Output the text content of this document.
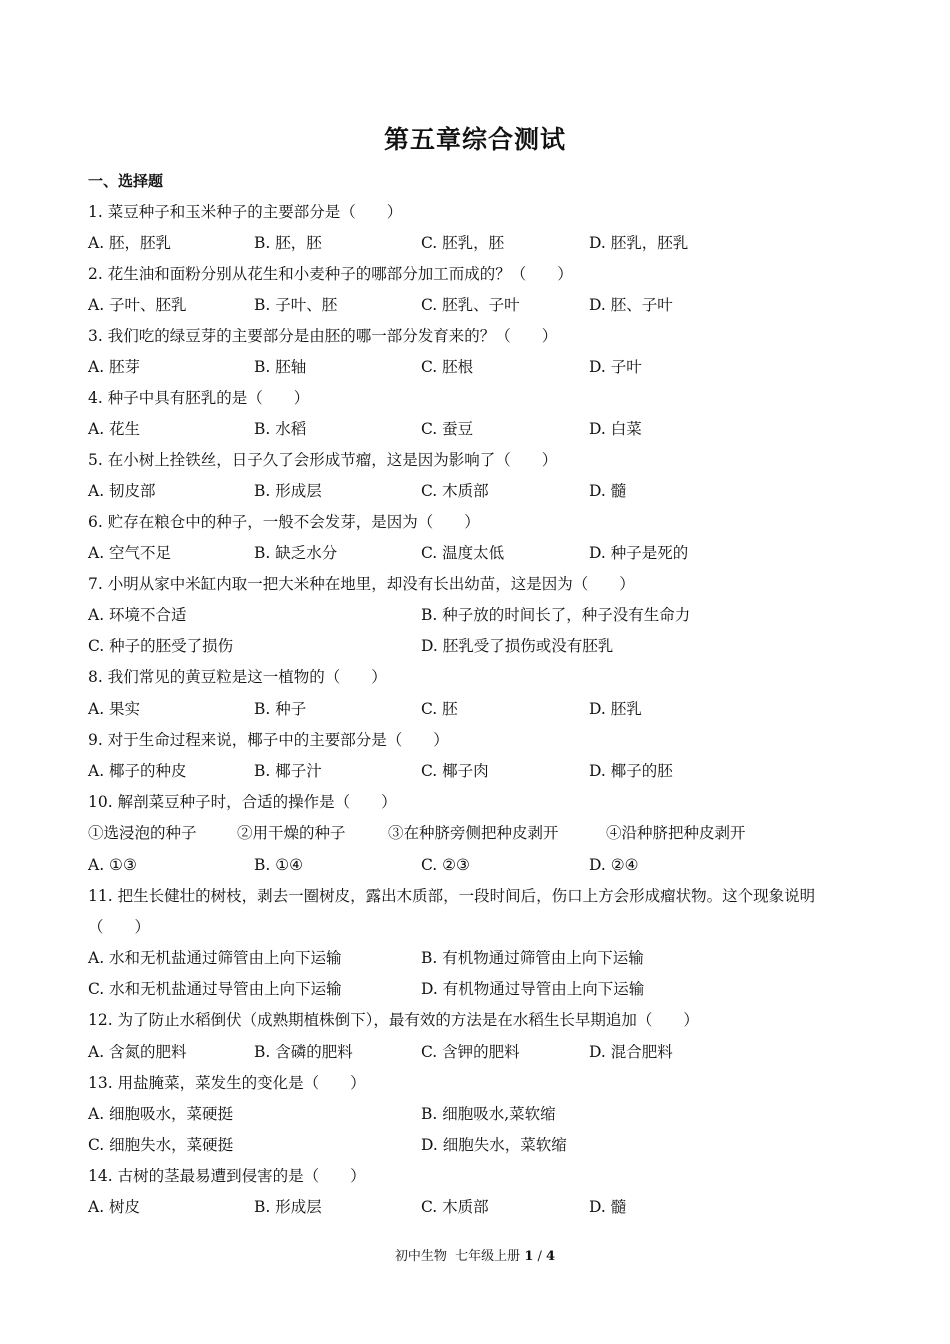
第五章综合测试
一、选择题
1. 菜豆种子和玉米种子的主要部分是（　　）
A. 胚，胚乳	B. 胚，胚	C. 胚乳，胚	D. 胚乳，胚乳
2. 花生油和面粉分别从花生和小麦种子的哪部分加工而成的？（　　）
A. 子叶、胚乳	B. 子叶、胚	C. 胚乳、子叶	D. 胚、子叶
3. 我们吃的绿豆芽的主要部分是由胚的哪一部分发育来的？（　　）
A. 胚芽	B. 胚轴	C. 胚根	D. 子叶
4. 种子中具有胚乳的是（　　）
A. 花生	B. 水稻	C. 蚕豆	D. 白菜
5. 在小树上拴铁丝，日子久了会形成节瘤，这是因为影响了（　　）
A. 韧皮部	B. 形成层	C. 木质部	D. 髓
6. 贮存在粮仓中的种子，一般不会发芽，是因为（　　）
A. 空气不足	B. 缺乏水分	C. 温度太低	D. 种子是死的
7. 小明从家中米缸内取一把大米种在地里，却没有长出幼苗，这是因为（　　）
A. 环境不合适	B. 种子放的时间长了，种子没有生命力
C. 种子的胚受了损伤	D. 胚乳受了损伤或没有胚乳
8. 我们常见的黄豆粒是这一植物的（　　）
A. 果实	B. 种子	C. 胚	D. 胚乳
9. 对于生命过程来说，椰子中的主要部分是（　　）
A. 椰子的种皮	B. 椰子汁	C. 椰子肉	D. 椰子的胚
10. 解剖菜豆种子时，合适的操作是（　　）
①选浸泡的种子	②用干燥的种子	③在种脐旁侧把种皮剥开	④沿种脐把种皮剥开
A. ①③	B. ①④	C. ②③	D. ②④
11. 把生长健壮的树枝，剥去一圈树皮，露出木质部，一段时间后，伤口上方会形成瘤状物。这个现象说明
（　　）
A. 水和无机盐通过筛管由上向下运输	B. 有机物通过筛管由上向下运输
C. 水和无机盐通过导管由上向下运输	D. 有机物通过导管由上向下运输
12. 为了防止水稻倒伏（成熟期植株倒下），最有效的方法是在水稻生长早期追加（　　）
A. 含氮的肥料	B. 含磷的肥料	C. 含钾的肥料	D. 混合肥料
13. 用盐腌菜，菜发生的变化是（　　）
A. 细胞吸水，菜硬挺	B. 细胞吸水,菜软缩
C. 细胞失水，菜硬挺	D. 细胞失水，菜软缩
14. 古树的茎最易遭到侵害的是（　　）
A. 树皮	B. 形成层	C. 木质部	D. 髓
初中生物 七年级上册 1 / 4
